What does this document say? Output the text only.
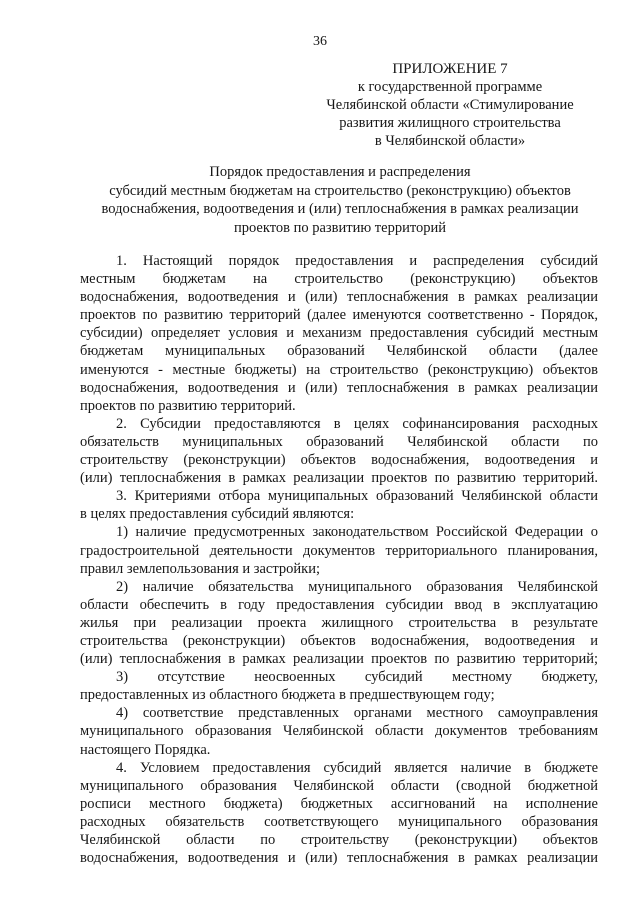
36
ПРИЛОЖЕНИЕ 7
к государственной программе
Челябинской области «Стимулирование
развития жилищного строительства
в Челябинской области»
Порядок предоставления и распределения
субсидий местным бюджетам на строительство (реконструкцию) объектов
водоснабжения, водоотведения и (или) теплоснабжения в рамках реализации
проектов по развитию территорий
1. Настоящий порядок предоставления и распределения субсидий
местным бюджетам на строительство (реконструкцию) объектов
водоснабжения, водоотведения и (или) теплоснабжения в рамках реализации
проектов по развитию территорий (далее именуются соответственно - Порядок,
субсидии) определяет условия и механизм предоставления субсидий местным
бюджетам муниципальных образований Челябинской области (далее
именуются - местные бюджеты) на строительство (реконструкцию) объектов
водоснабжения, водоотведения и (или) теплоснабжения в рамках реализации
проектов по развитию территорий.
2. Субсидии предоставляются в целях софинансирования расходных
обязательств муниципальных образований Челябинской области по
строительству (реконструкции) объектов водоснабжения, водоотведения и
(или) теплоснабжения в рамках реализации проектов по развитию территорий.
3. Критериями отбора муниципальных образований Челябинской области
в целях предоставления субсидий являются:
1) наличие предусмотренных законодательством Российской Федерации о
градостроительной деятельности документов территориального планирования,
правил землепользования и застройки;
2) наличие обязательства муниципального образования Челябинской
области обеспечить в году предоставления субсидии ввод в эксплуатацию
жилья при реализации проекта жилищного строительства в результате
строительства (реконструкции) объектов водоснабжения, водоотведения и
(или) теплоснабжения в рамках реализации проектов по развитию территорий;
3) отсутствие неосвоенных субсидий местному бюджету,
предоставленных из областного бюджета в предшествующем году;
4) соответствие представленных органами местного самоуправления
муниципального образования Челябинской области документов требованиям
настоящего Порядка.
4. Условием предоставления субсидий является наличие в бюджете
муниципального образования Челябинской области (сводной бюджетной
росписи местного бюджета) бюджетных ассигнований на исполнение
расходных обязательств соответствующего муниципального образования
Челябинской области по строительству (реконструкции) объектов
водоснабжения, водоотведения и (или) теплоснабжения в рамках реализации
